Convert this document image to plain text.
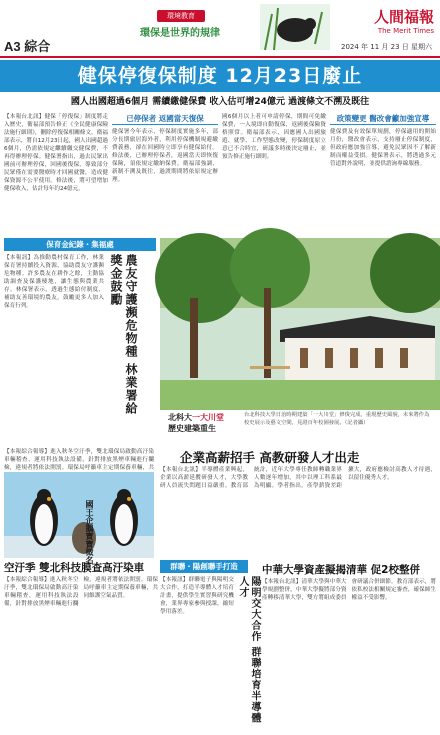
A3 綜合
環境教育
環保是世界的規律
人間福報
The Merit Times
2024 年 11 月 23 日 星期六
健保停復保制度 12月23日廢止
國人出國超過6個月 需續繳健保費 收入估可增24億元 過渡條文不溯及既往
【本報台北訊】健保「停復保」制度將走入歷史，衛福部預告修正《全民健康保險法施行細則》，刪除停復保相關條文，衛福部表示，將自12月23日起，國人出國超過6個月，仍需依規定繼續繳交健保費，不再得辦理停保。健保署指出，過去民眾出國前可辦理停保，回國後復保，導致部分民眾僅在需要醫療時才回國就醫，造成健保資源不公平使用。修法後，將可望增加健保收入，估計每年約24億元。
已停保者 返國當天復保
健保署今年表示，停保制度實施多年，部分長期旅居海外者，利用停保機制規避繳費義務，卻在回國時立即享有健保給付。修法後，已辦理停保者，返國當天即恢復保險，須依規定繳納保費。衛福部強調，新制不溯及既往，過渡期間將依原規定辦理。
國6個月以上者可申請停保，期間可免繳保費，一入境即自動復保，返國後保險資格照常。衛福部表示，因應國人出國旅遊、就學、工作型態改變，停保制度原立意已不合時宜，研議多時後決定廢止，並預告修正施行細則。
政策變更 醫改會籲加強宣導
健保費及有效保單規劃，停保適用的開始月份，醫改會表示，支持廢止停保制度，但政府應加強宣導，避免民眾因不了解新制而權益受損。健保署表示，將透過多元管道對外說明，並提供諮詢專線服務。
保育金紀錄・集福處
【本報訊】為推動農村保育工作，林業保育署持續投入資源，協助農友守護瀕危物種。許多農友在耕作之餘，主動協助調查及保護棲地，讓生態與農業共存。林保署表示，透過生態給付制度，補助友善環境的農友，鼓勵更多人加入保育行列。	農友守護瀕危物種 林業署給獎金鼓勵
北科大一大川堂
歷史建築重生
台北科技大學日治時期建築「一大川堂」修復完成，重現歷史風貌，未來將作為校史展示及藝文空間，見證百年校園發展。（記者攝）
企業高薪招手 高教研發人才出走
【本報台北訊】半導體產業興起，企業以高薪延攬研發人才，大學教研人員流失問題日益嚴重。教育部統計，近年大學專任教師轉職業界人數逐年增加，其中以理工科系最為明顯。學者指出，產學薪資差距擴大，政府應檢討高教人才待遇，以留住優秀人才。
【本報綜合報導】進入秋冬空汙季，雙北環保局啟動高汙染車輛稽查，運用科技執法設備，針對排放黑煙車輛進行攔檢，違規者將依法開罰。環保局呼籲車主定期保養車輛，共
國王企鵝寶寶徵名
空汙季 雙北科技膜查高汙染車
【本報綜合報導】進入秋冬空汙季，雙北環保局啟動高汙染車輛稽查，運用科技執法設備，針對排放黑煙車輛進行攔檢，違規者將依法開罰。環保局呼籲車主定期保養車輛，共同維護空氣品質。
群聯・陽創聯手打造
【本報訊】群聯電子與陽明交大合作，打造半導體人才培育計畫，提供學生實習與研究機會，業界專家參與授課，縮短學用落差。	陽明交大合作 群聯培育半導體人才
中華大學資產擬揭清華 促2校整併
【本報台北訊】清華大學與中華大學規劃整併，中華大學擬將部分資產轉移清華大學，雙方將組成委員會研議合併細節。教育部表示，將依私校法相關規定審查，確保師生權益不受影響。
